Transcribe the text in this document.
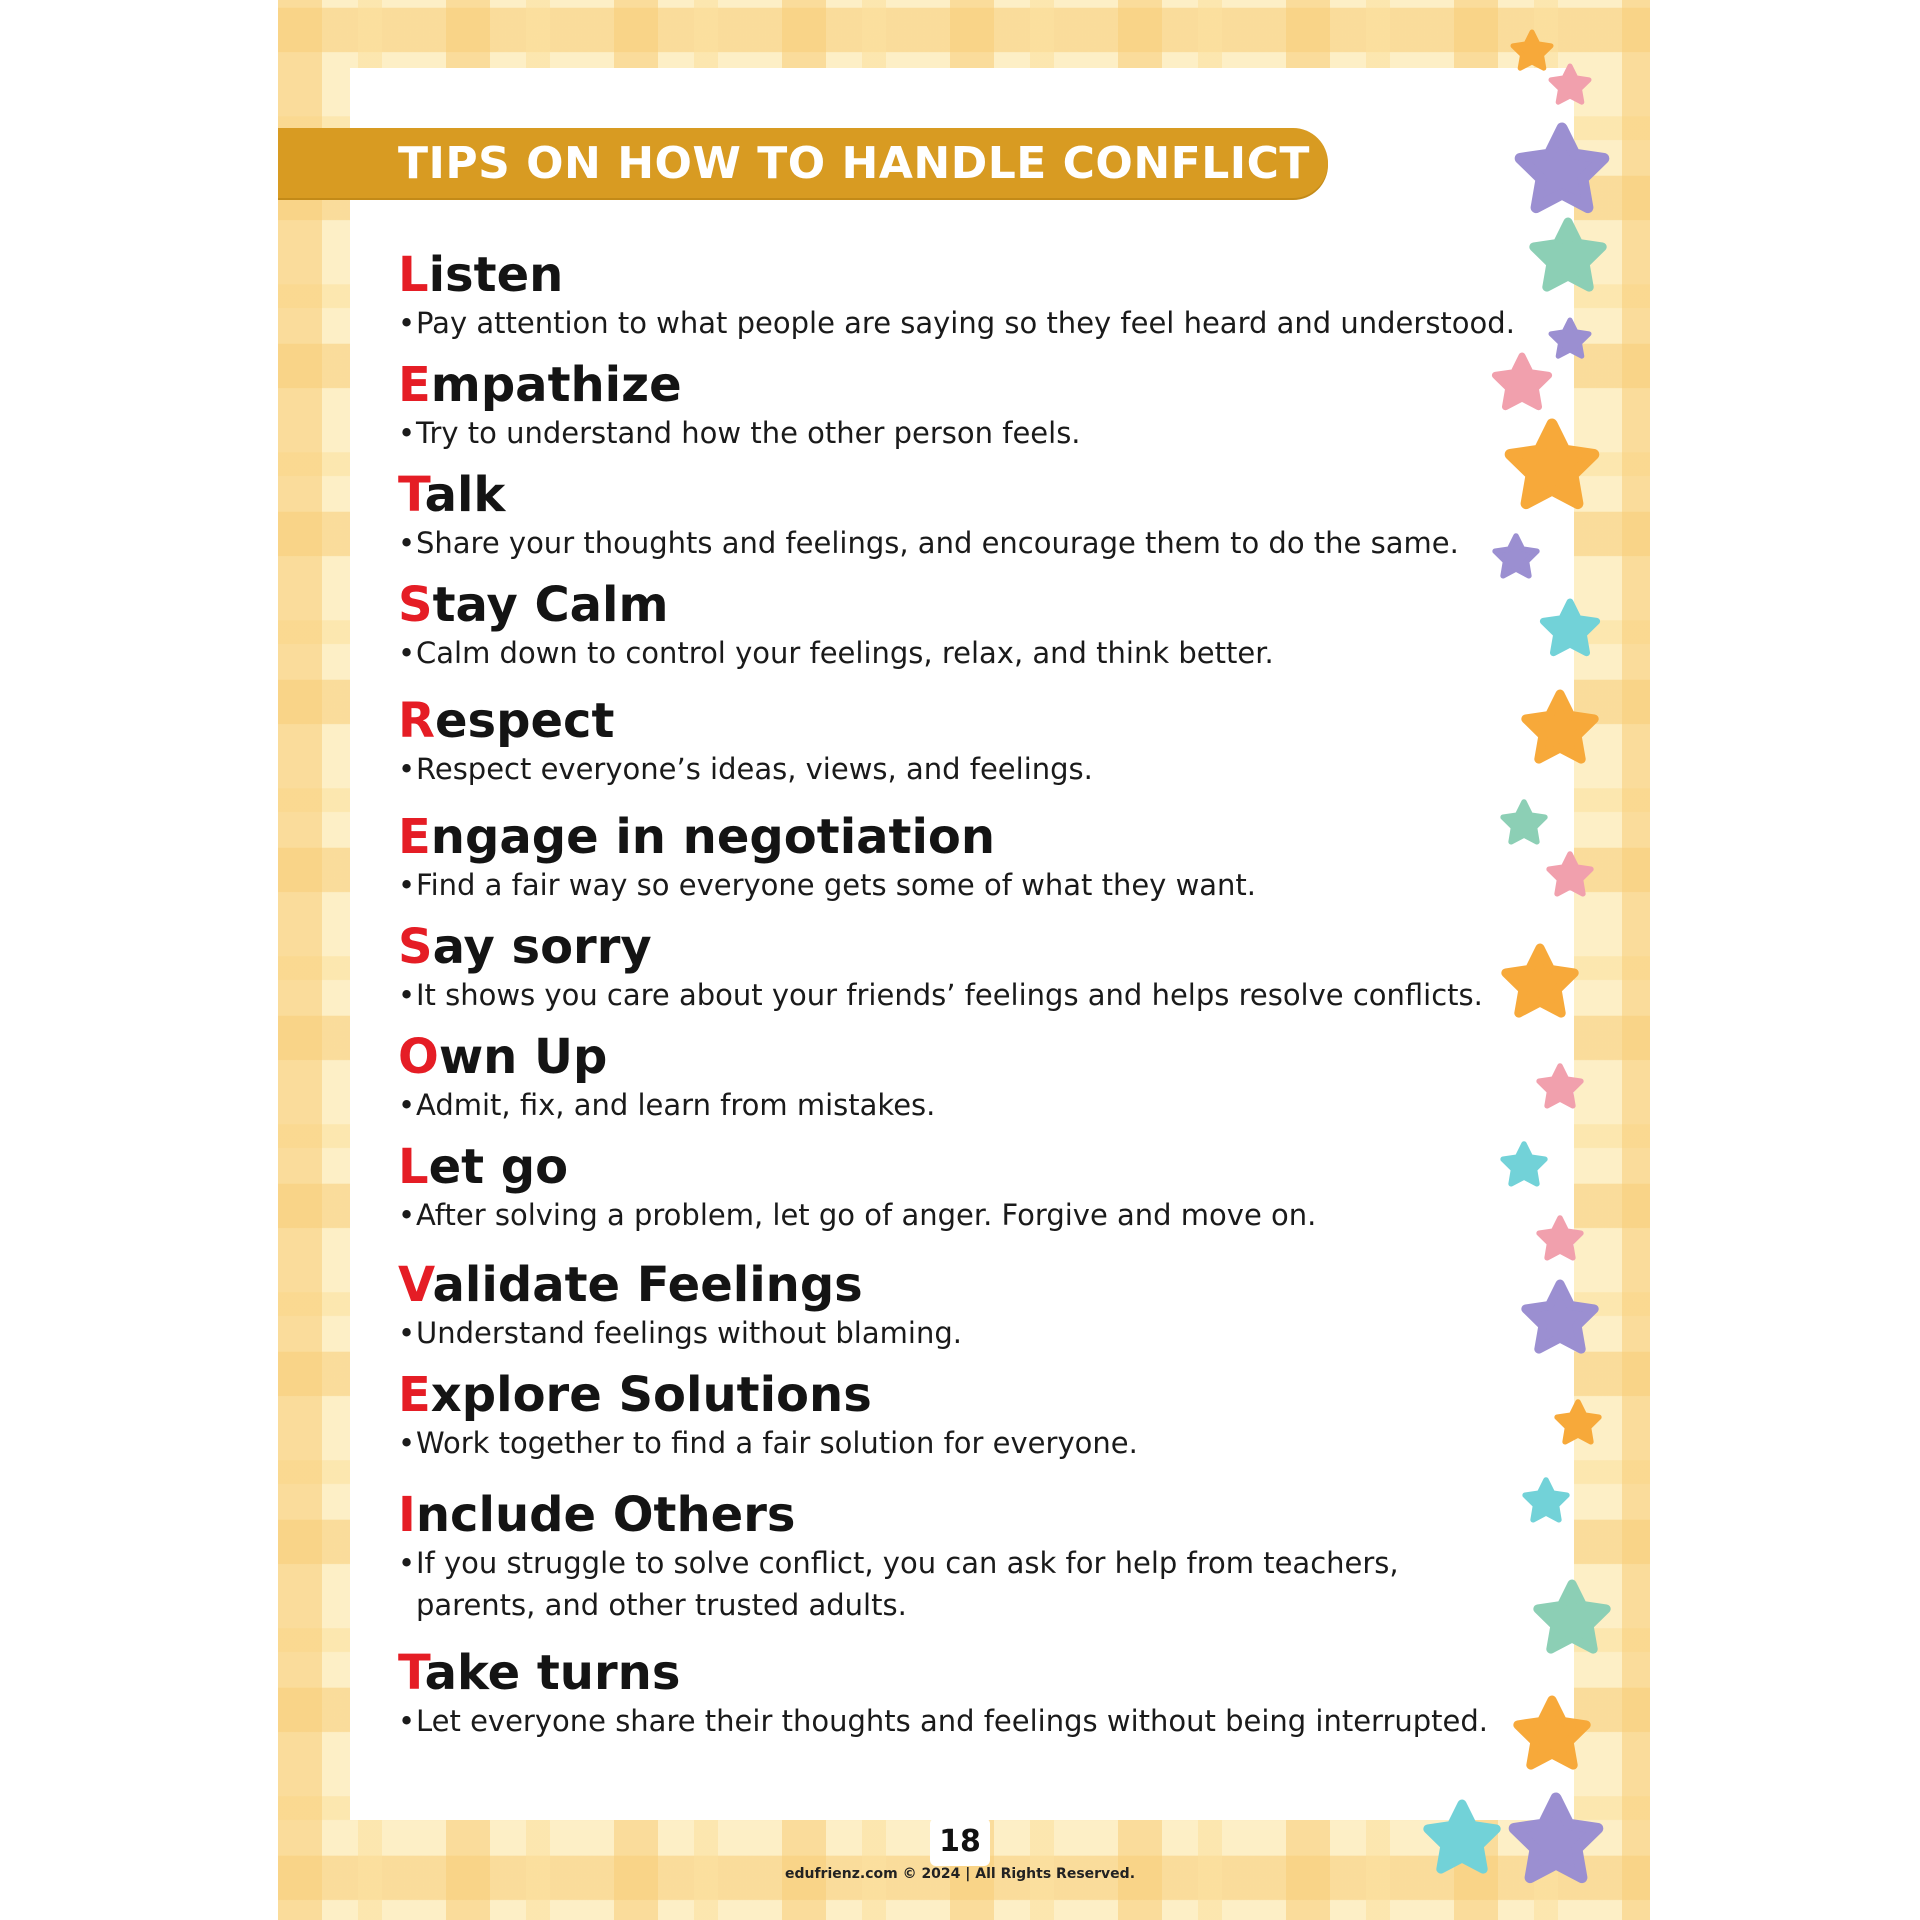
TIPS ON HOW TO HANDLE CONFLICT
Listen
•Pay attention to what people are saying so they feel heard and understood.
Empathize
•Try to understand how the other person feels.
Talk
•Share your thoughts and feelings, and encourage them to do the same.
Stay Calm
•Calm down to control your feelings, relax, and think better.
Respect
•Respect everyone’s ideas, views, and feelings.
Engage in negotiation
•Find a fair way so everyone gets some of what they want.
Say sorry
•It shows you care about your friends’ feelings and helps resolve conflicts.
Own Up
•Admit, fix, and learn from mistakes.
Let go
•After solving a problem, let go of anger. Forgive and move on.
Validate Feelings
•Understand feelings without blaming.
Explore Solutions
•Work together to find a fair solution for everyone.
Include Others
•If you struggle to solve conflict, you can ask for help from teachers, parents, and other trusted adults.
Take turns
•Let everyone share their thoughts and feelings without being interrupted.
18
edufrienz.com © 2024 | All Rights Reserved.
